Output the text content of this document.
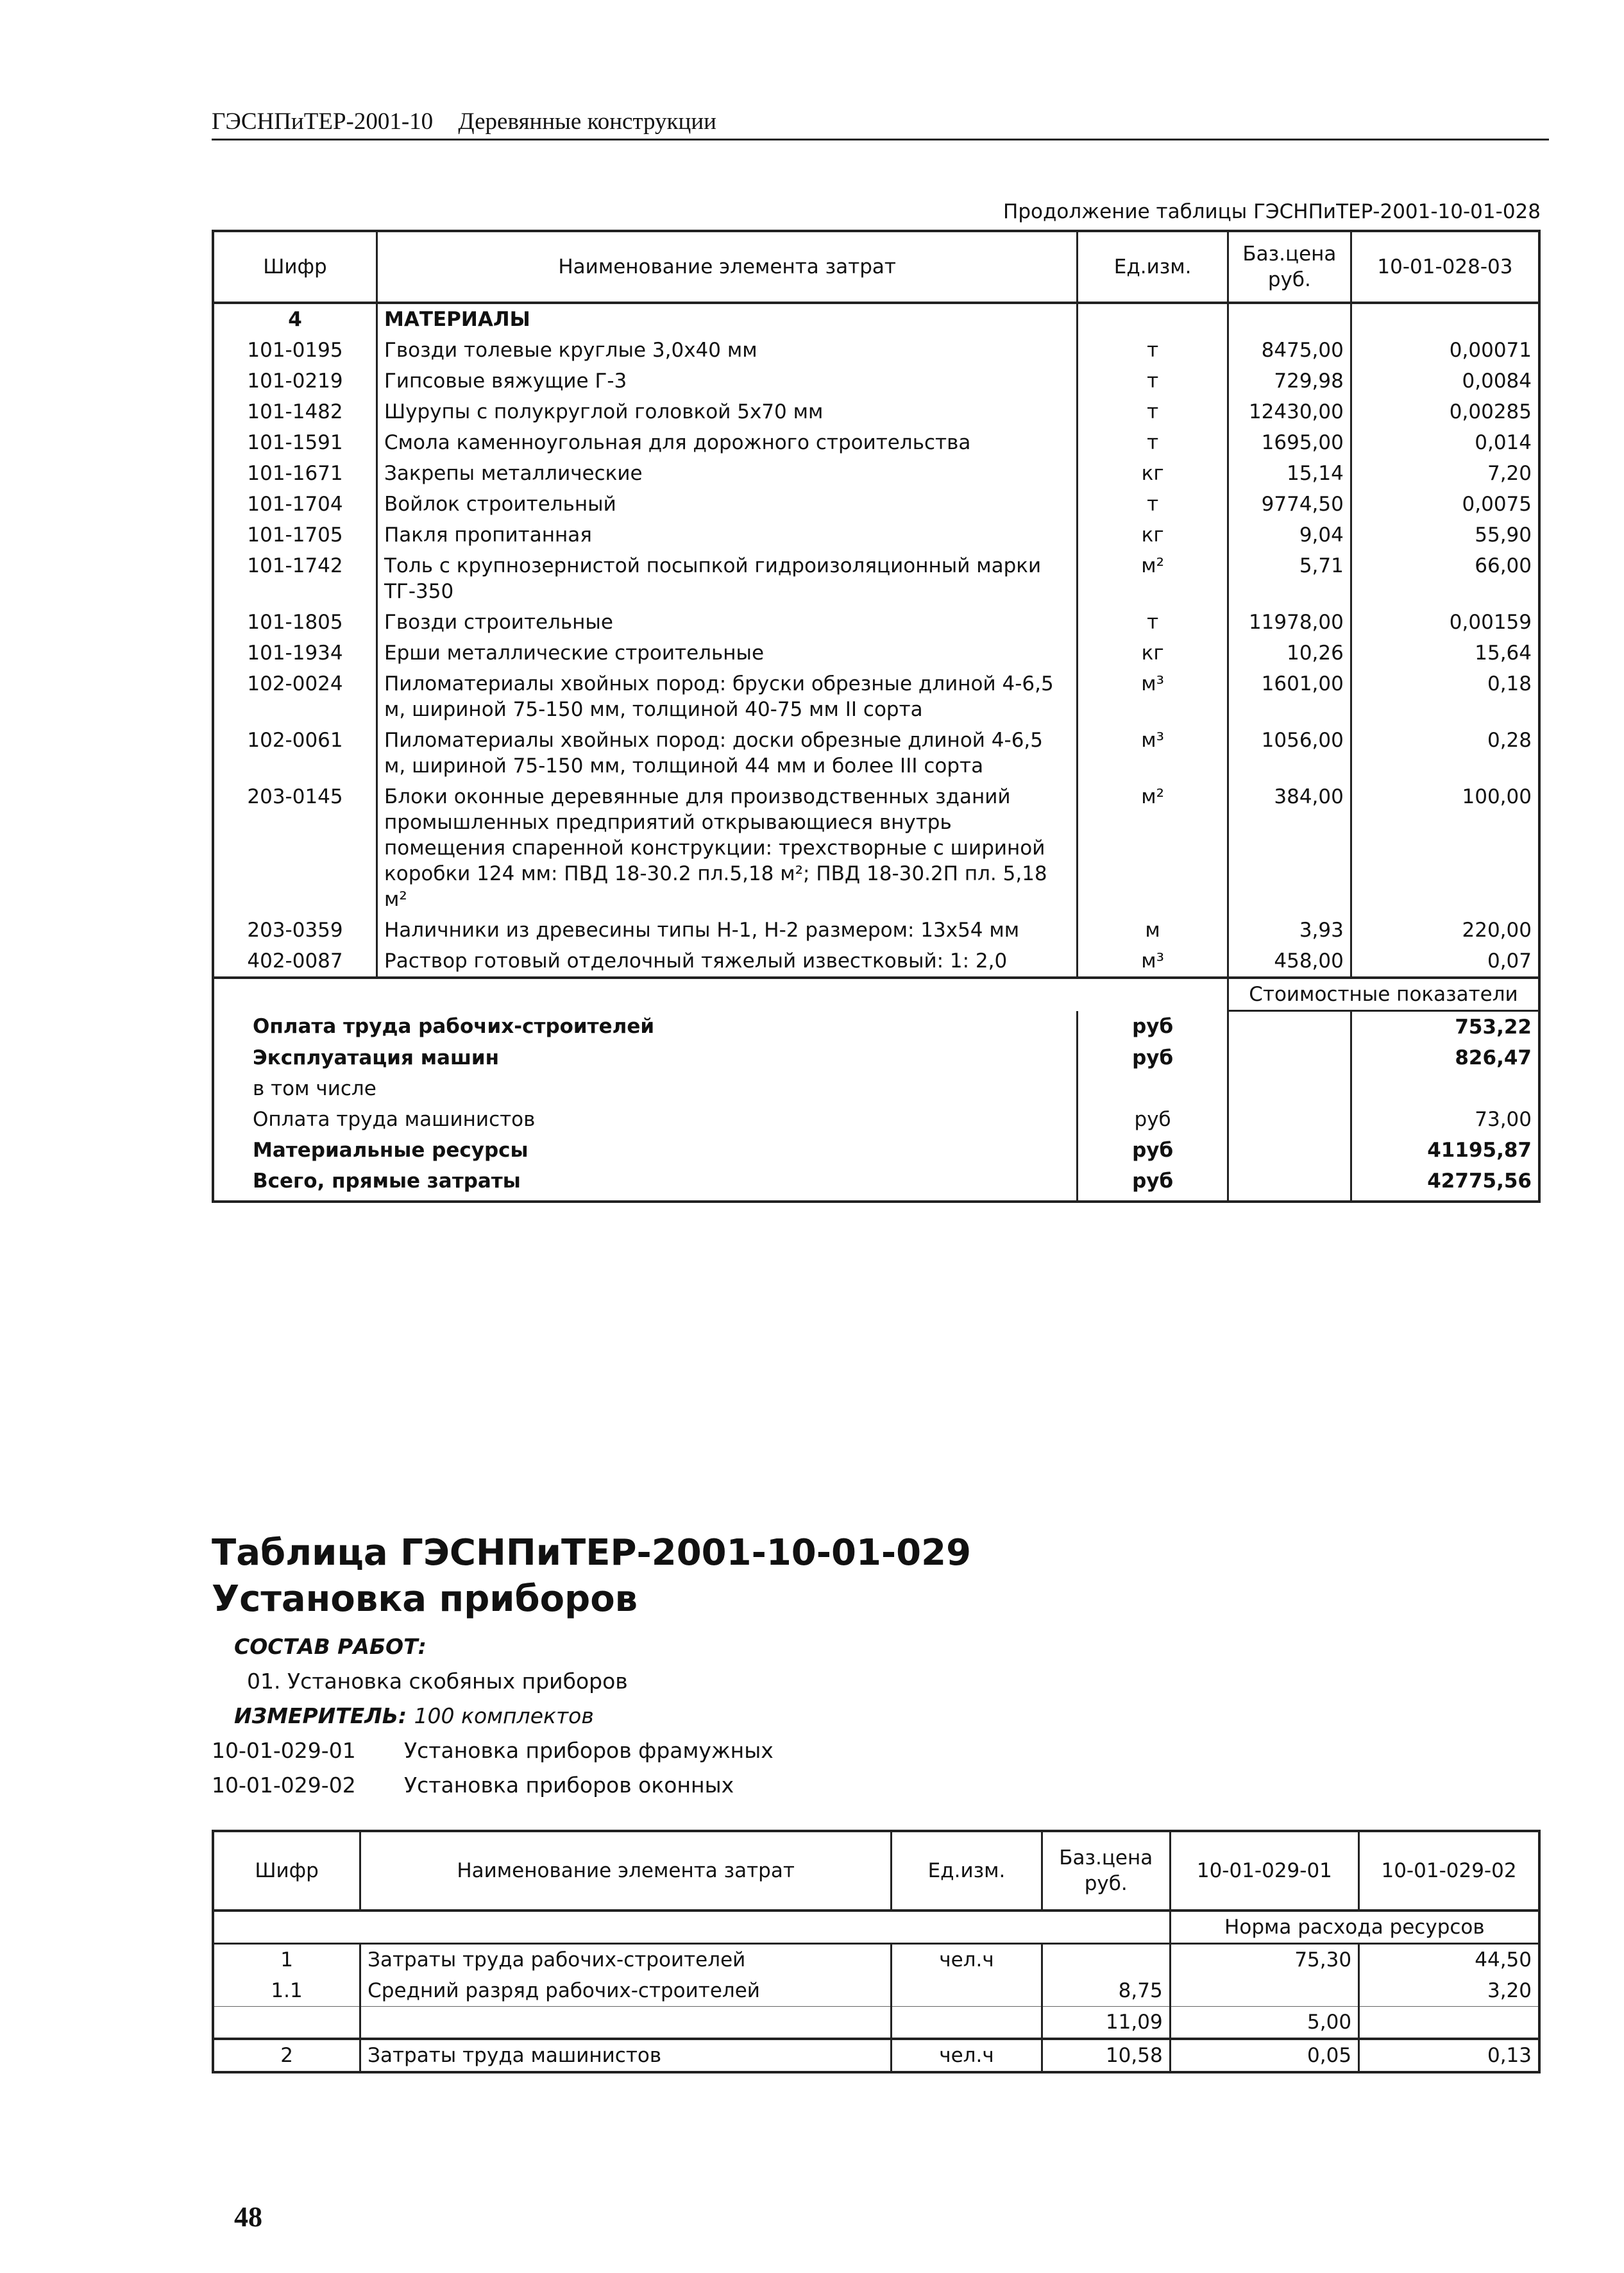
ГЭСНПиТЕР-2001-10 Деревянные конструкции
Продолжение таблицы ГЭСНПиТЕР-2001-10-01-028
Шифр	Наименование элемента затрат	Ед.изм.	Баз.цена руб.	10-01-028-03
4	МАТЕРИАЛЫ			
101-0195	Гвозди толевые круглые 3,0х40 мм	т	8475,00	0,00071
101-0219	Гипсовые вяжущие Г-3	т	729,98	0,0084
101-1482	Шурупы с полукруглой головкой 5х70 мм	т	12430,00	0,00285
101-1591	Смола каменноугольная для дорожного строительства	т	1695,00	0,014
101-1671	Закрепы металлические	кг	15,14	7,20
101-1704	Войлок строительный	т	9774,50	0,0075
101-1705	Пакля пропитанная	кг	9,04	55,90
101-1742	Толь с крупнозернистой посыпкой гидроизоляционный марки ТГ-350	м²	5,71	66,00
101-1805	Гвозди строительные	т	11978,00	0,00159
101-1934	Ерши металлические строительные	кг	10,26	15,64
102-0024	Пиломатериалы хвойных пород: бруски обрезные длиной 4-6,5 м, шириной 75-150 мм, толщиной 40-75 мм II сорта	м³	1601,00	0,18
102-0061	Пиломатериалы хвойных пород: доски обрезные длиной 4-6,5 м, шириной 75-150 мм, толщиной 44 мм и более III сорта	м³	1056,00	0,28
203-0145	Блоки оконные деревянные для производственных зданий промышленных предприятий открывающиеся внутрь помещения спаренной конструкции: трехстворные с шириной коробки 124 мм: ПВД 18-30.2 пл.5,18 м²; ПВД 18-30.2П пл. 5,18 м²	м²	384,00	100,00
203-0359	Наличники из древесины типы Н-1, Н-2 размером: 13х54 мм	м	3,93	220,00
402-0087	Раствор готовый отделочный тяжелый известковый: 1: 2,0	м³	458,00	0,07
			Стоимостные показатели	
Оплата труда рабочих-строителей		руб		753,22
Эксплуатация машин		руб		826,47
в том числе				
Оплата труда машинистов		руб		73,00
Материальные ресурсы		руб		41195,87
Всего, прямые затраты		руб		42775,56
Таблица ГЭСНПиТЕР-2001-10-01-029
Установка приборов
СОСТАВ РАБОТ:
01. Установка скобяных приборов
ИЗМЕРИТЕЛЬ: 100 комплектов
10-01-029-01 Установка приборов фрамужных
10-01-029-02 Установка приборов оконных
Шифр	Наименование элемента затрат	Ед.изм.	Баз.цена руб.	10-01-029-01	10-01-029-02
				Норма расхода ресурсов	
1	Затраты труда рабочих-строителей	чел.ч		75,30	44,50
1.1	Средний разряд рабочих-строителей		8,75		3,20
			11,09	5,00	
2	Затраты труда машинистов	чел.ч	10,58	0,05	0,13
48
